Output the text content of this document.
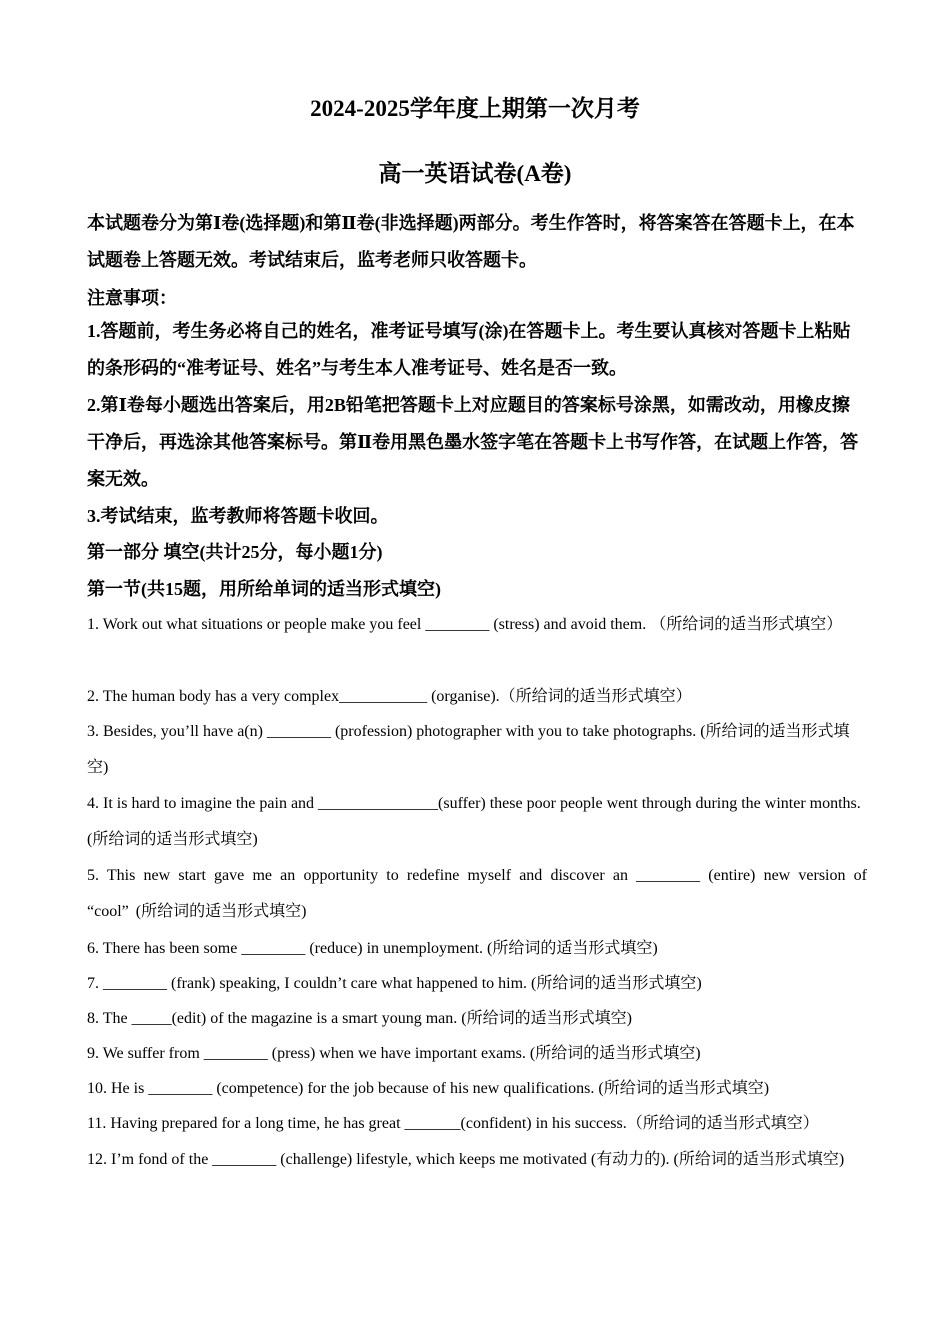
2024-2025学年度上期第一次月考
高一英语试卷(A卷)

本试题卷分为第Ⅰ卷(选择题)和第Ⅱ卷(非选择题)两部分。考生作答时，将答案答在答题卡上，在本试题卷上答题无效。考试结束后，监考老师只收答题卡。

注意事项：

1.答题前，考生务必将自己的姓名，准考证号填写(涂)在答题卡上。考生要认真核对答题卡上粘贴的条形码的“准考证号、姓名”与考生本人准考证号、姓名是否一致。

2.第Ⅰ卷每小题选出答案后，用2B铅笔把答题卡上对应题目的答案标号涂黑，如需改动，用橡皮擦干净后，再选涂其他答案标号。第Ⅱ卷用黑色墨水签字笔在答题卡上书写作答，在试题上作答，答案无效。

3.考试结束，监考教师将答题卡收回。

第一部分 填空(共计25分，每小题1分)

第一节(共15题，用所给单词的适当形式填空)

1. Work out what situations or people make you feel ________ (stress) and avoid them. （所给词的适当形式填空）

2. The human body has a very complex___________ (organise).（所给词的适当形式填空）

3. Besides, you’ll have a(n) ________ (profession) photographer with you to take photographs. (所给词的适当形式填空)

4. It is hard to imagine the pain and _______________(suffer) these poor people went through during the winter months. (所给词的适当形式填空)

5. This new start gave me an opportunity to redefine myself and discover an ________ (entire) new version of “cool” (所给词的适当形式填空)

6. There has been some ________ (reduce) in unemployment. (所给词的适当形式填空)

7. ________ (frank) speaking, I couldn’t care what happened to him. (所给词的适当形式填空)

8. The _____(edit) of the magazine is a smart young man. (所给词的适当形式填空)

9. We suffer from ________ (press) when we have important exams. (所给词的适当形式填空)

10. He is ________ (competence) for the job because of his new qualifications. (所给词的适当形式填空)

11. Having prepared for a long time, he has great _______(confident) in his success.（所给词的适当形式填空）

12. I’m fond of the ________ (challenge) lifestyle, which keeps me motivated (有动力的). (所给词的适当形式填空)
